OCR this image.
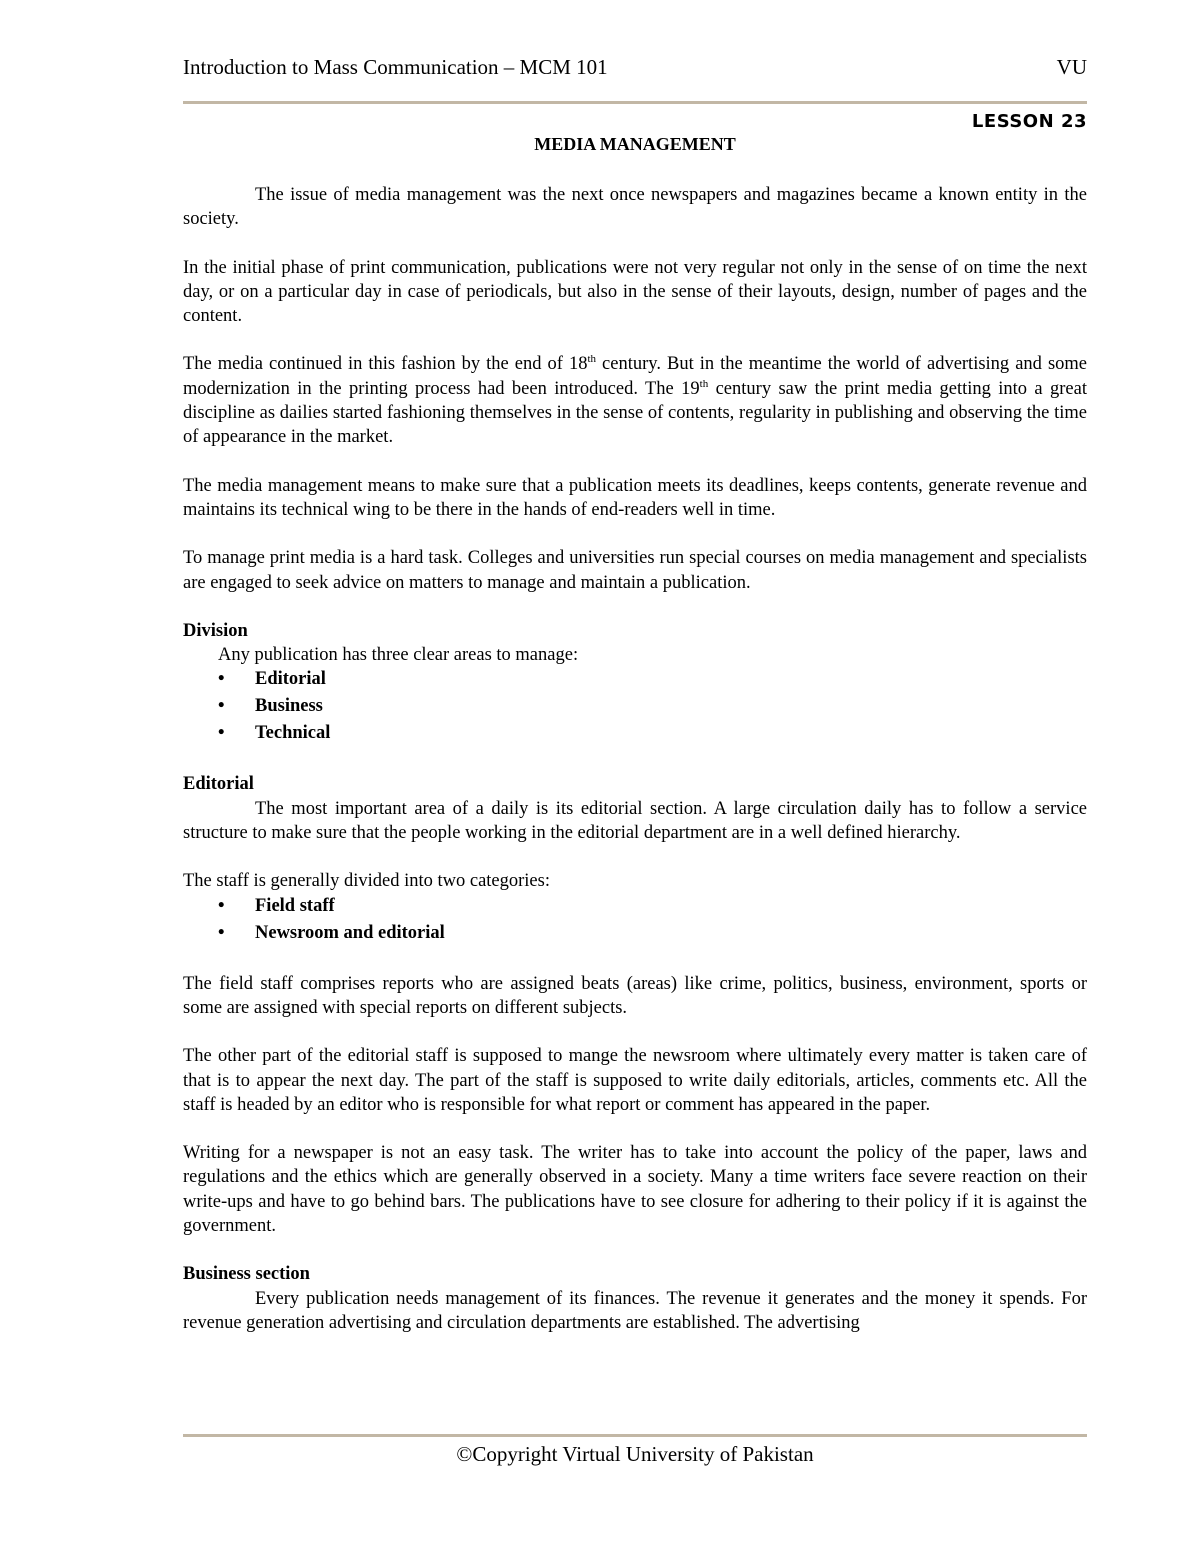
Introduction to Mass Communication – MCM 101	VU
LESSON 23
MEDIA MANAGEMENT

The issue of media management was the next once newspapers and magazines became a known entity in the society.

In the initial phase of print communication, publications were not very regular not only in the sense of on time the next day, or on a particular day in case of periodicals, but also in the sense of their layouts, design, number of pages and the content.

The media continued in this fashion by the end of 18th century. But in the meantime the world of advertising and some modernization in the printing process had been introduced. The 19th century saw the print media getting into a great discipline as dailies started fashioning themselves in the sense of contents, regularity in publishing and observing the time of appearance in the market.

The media management means to make sure that a publication meets its deadlines, keeps contents, generate revenue and maintains its technical wing to be there in the hands of end-readers well in time.

To manage print media is a hard task. Colleges and universities run special courses on media management and specialists are engaged to seek advice on matters to manage and maintain a publication.

Division
Any publication has three clear areas to manage:
• Editorial
• Business
• Technical
Editorial

The most important area of a daily is its editorial section. A large circulation daily has to follow a service structure to make sure that the people working in the editorial department are in a well defined hierarchy.

The staff is generally divided into two categories:

• Field staff
• Newsroom and editorial

The field staff comprises reports who are assigned beats (areas) like crime, politics, business, environment, sports or some are assigned with special reports on different subjects.

The other part of the editorial staff is supposed to mange the newsroom where ultimately every matter is taken care of that is to appear the next day. The part of the staff is supposed to write daily editorials, articles, comments etc. All the staff is headed by an editor who is responsible for what report or comment has appeared in the paper.

Writing for a newspaper is not an easy task. The writer has to take into account the policy of the paper, laws and regulations and the ethics which are generally observed in a society. Many a time writers face severe reaction on their write-ups and have to go behind bars. The publications have to see closure for adhering to their policy if it is against the government.

Business section

Every publication needs management of its finances. The revenue it generates and the money it spends. For revenue generation advertising and circulation departments are established. The advertising

©Copyright Virtual University of Pakistan
